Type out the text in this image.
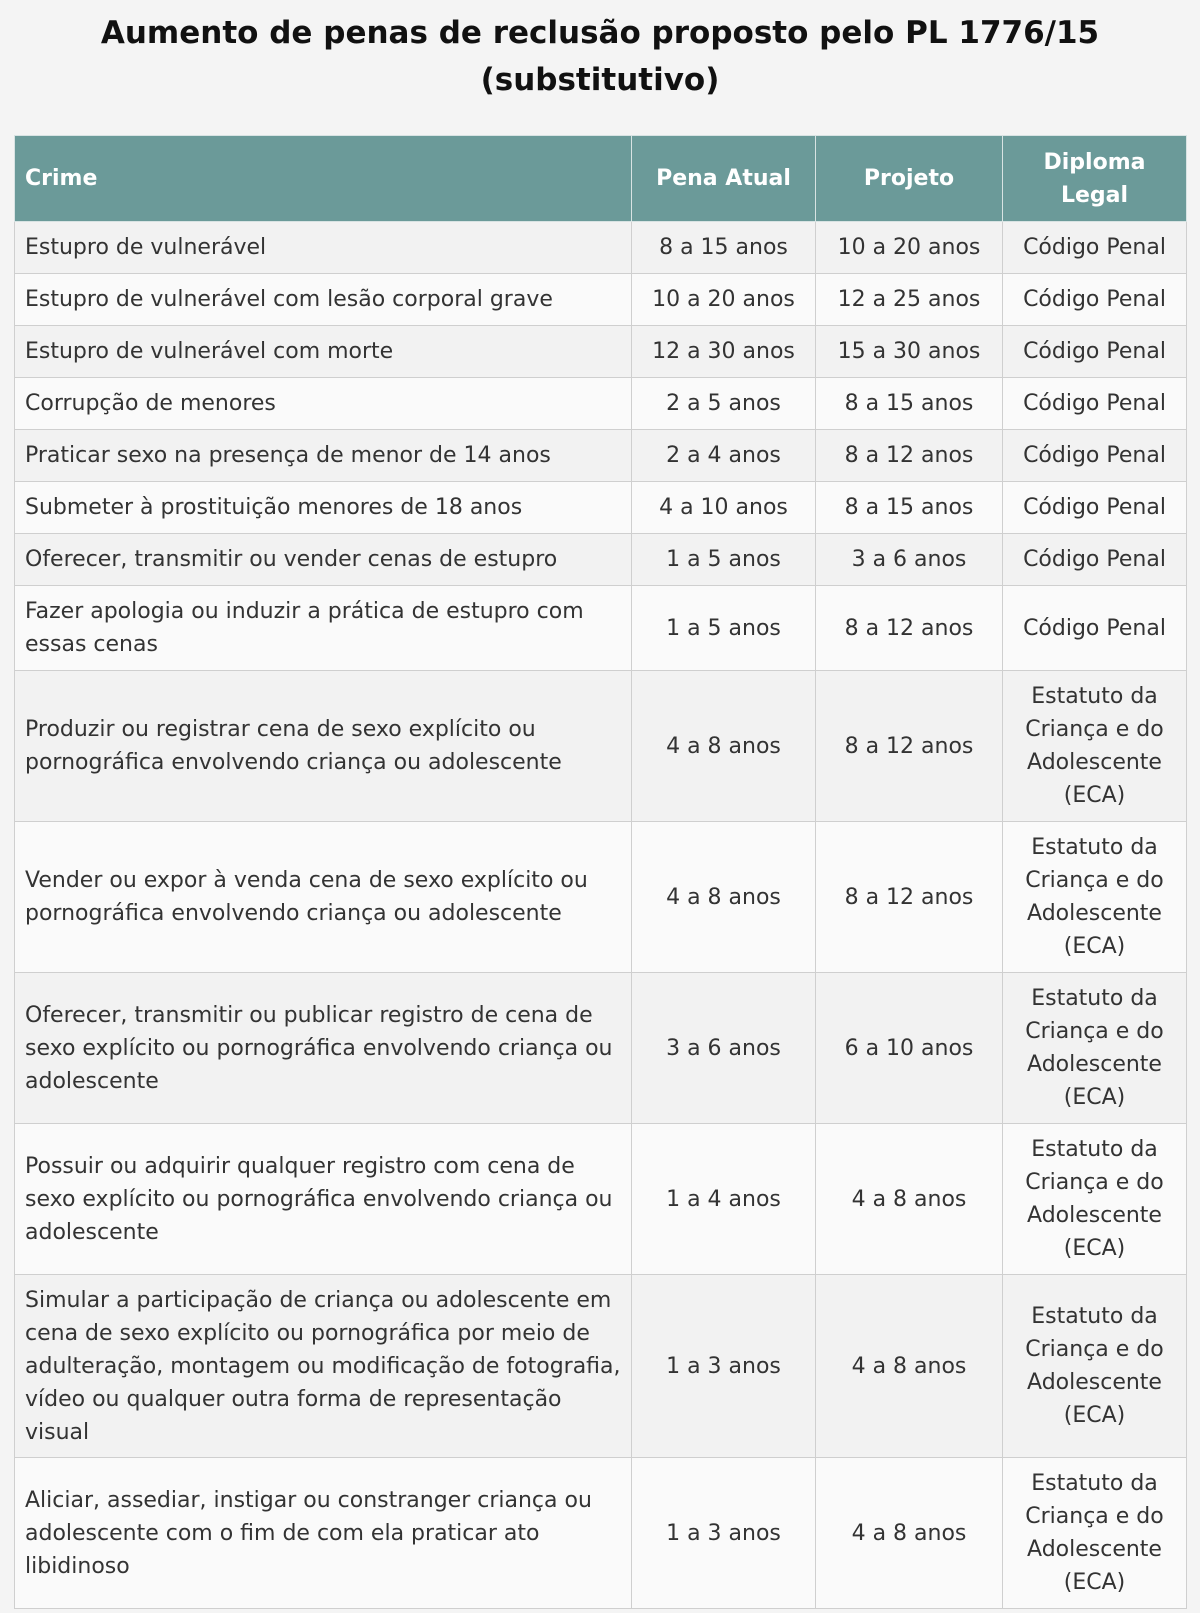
Aumento de penas de reclusão proposto pelo PL 1776/15 (substitutivo)
Crime	Pena Atual	Projeto	Diploma Legal
Estupro de vulnerável	8 a 15 anos	10 a 20 anos	Código Penal
Estupro de vulnerável com lesão corporal grave	10 a 20 anos	12 a 25 anos	Código Penal
Estupro de vulnerável com morte	12 a 30 anos	15 a 30 anos	Código Penal
Corrupção de menores	2 a 5 anos	8 a 15 anos	Código Penal
Praticar sexo na presença de menor de 14 anos	2 a 4 anos	8 a 12 anos	Código Penal
Submeter à prostituição menores de 18 anos	4 a 10 anos	8 a 15 anos	Código Penal
Oferecer, transmitir ou vender cenas de estupro	1 a 5 anos	3 a 6 anos	Código Penal
Fazer apologia ou induzir a prática de estupro com essas cenas	1 a 5 anos	8 a 12 anos	Código Penal
Produzir ou registrar cena de sexo explícito ou pornográfica envolvendo criança ou adolescente	4 a 8 anos	8 a 12 anos	Estatuto da Criança e do Adolescente (ECA)
Vender ou expor à venda cena de sexo explícito ou pornográfica envolvendo criança ou adolescente	4 a 8 anos	8 a 12 anos	Estatuto da Criança e do Adolescente (ECA)
Oferecer, transmitir ou publicar registro de cena de sexo explícito ou pornográfica envolvendo criança ou adolescente	3 a 6 anos	6 a 10 anos	Estatuto da Criança e do Adolescente (ECA)
Possuir ou adquirir qualquer registro com cena de sexo explícito ou pornográfica envolvendo criança ou adolescente	1 a 4 anos	4 a 8 anos	Estatuto da Criança e do Adolescente (ECA)
Simular a participação de criança ou adolescente em cena de sexo explícito ou pornográfica por meio de adulteração, montagem ou modificação de fotografia, vídeo ou qualquer outra forma de representação visual	1 a 3 anos	4 a 8 anos	Estatuto da Criança e do Adolescente (ECA)
Aliciar, assediar, instigar ou constranger criança ou adolescente com o fim de com ela praticar ato libidinoso	1 a 3 anos	4 a 8 anos	Estatuto da Criança e do Adolescente (ECA)
